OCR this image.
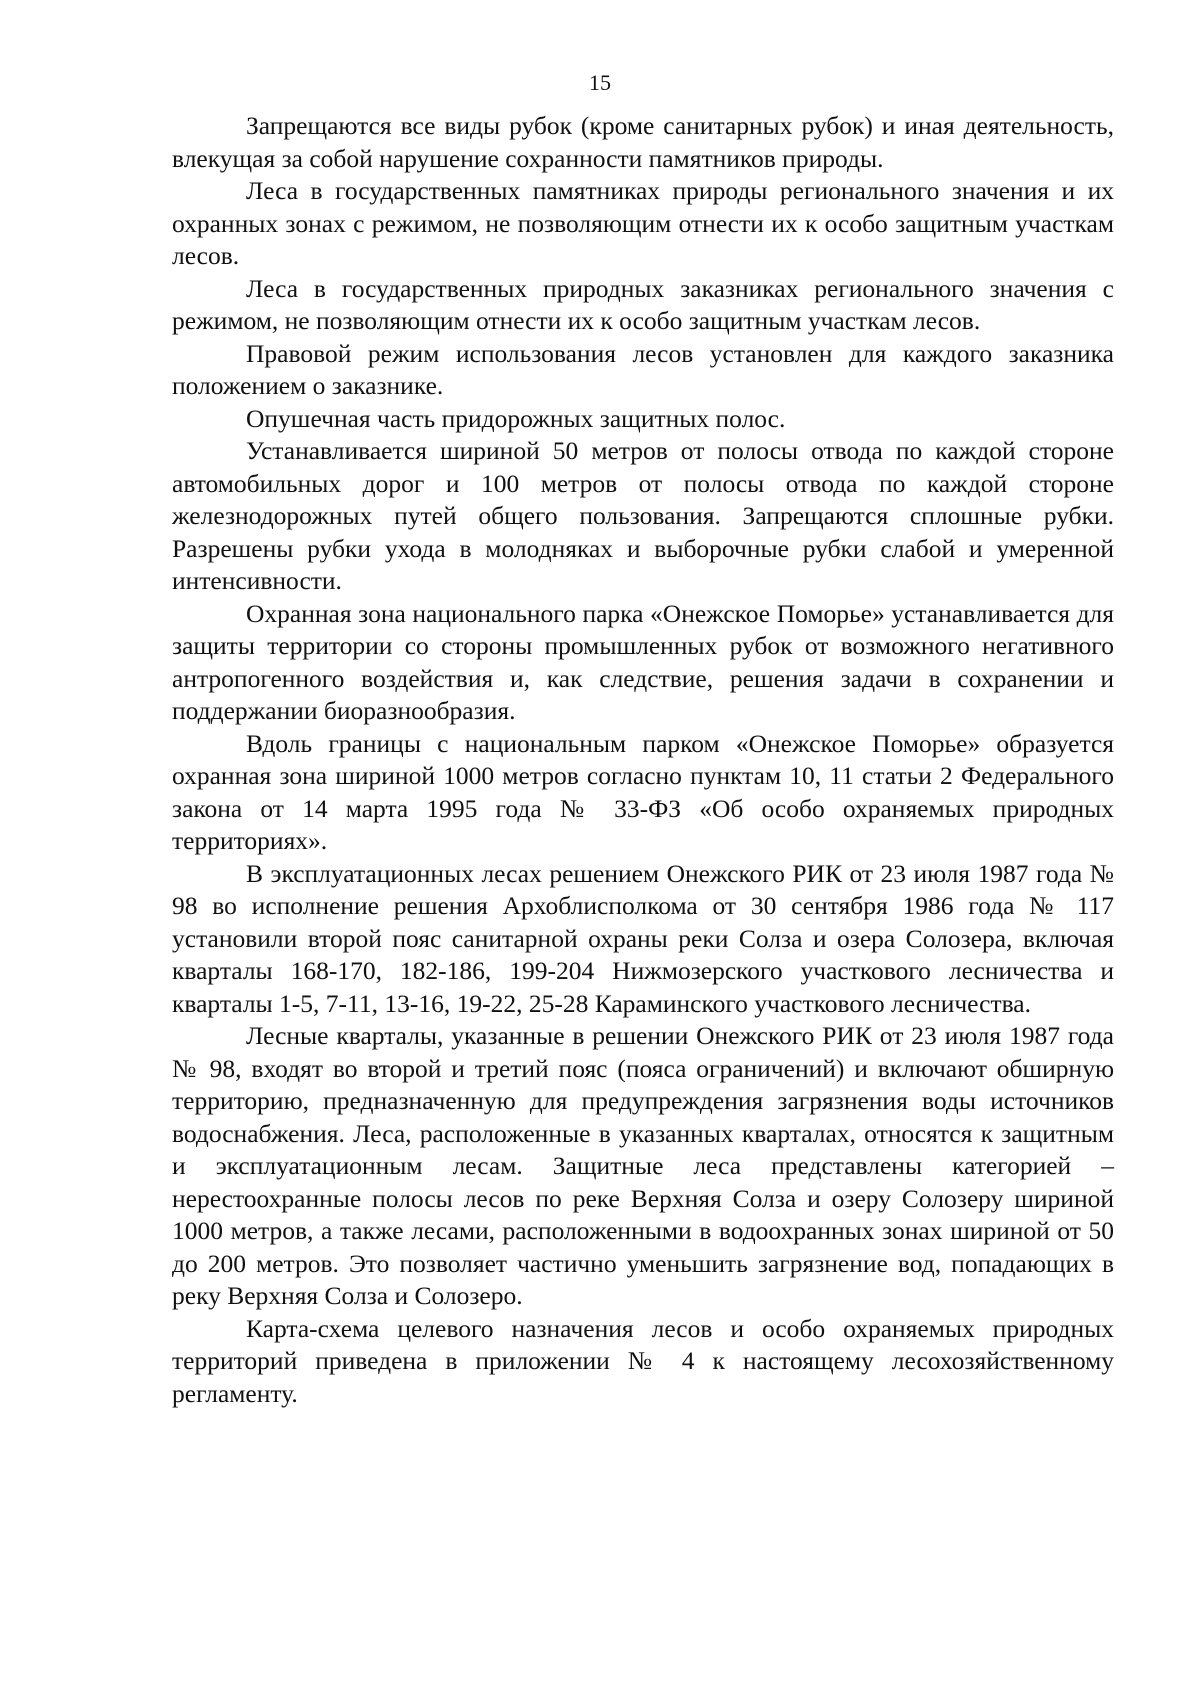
15

Запрещаются все виды рубок (кроме санитарных рубок) и иная деятельность, влекущая за собой нарушение сохранности памятников природы.

Леса в государственных памятниках природы регионального значения и их охранных зонах с режимом, не позволяющим отнести их к особо защитным участкам лесов.

Леса в государственных природных заказниках регионального значения с режимом, не позволяющим отнести их к особо защитным участкам лесов.

Правовой режим использования лесов установлен для каждого заказника положением о заказнике.

Опушечная часть придорожных защитных полос.

Устанавливается шириной 50 метров от полосы отвода по каждой стороне автомобильных дорог и 100 метров от полосы отвода по каждой стороне железнодорожных путей общего пользования. Запрещаются сплошные рубки. Разрешены рубки ухода в молодняках и выборочные рубки слабой и умеренной интенсивности.

Охранная зона национального парка «Онежское Поморье» устанавливается для защиты территории со стороны промышленных рубок от возможного негативного антропогенного воздействия и, как следствие, решения задачи в сохранении и поддержании биоразнообразия.

Вдоль границы с национальным парком «Онежское Поморье» образуется охранная зона шириной 1000 метров согласно пунктам 10, 11 статьи 2 Федерального закона от 14 марта 1995 года № 33-ФЗ «Об особо охраняемых природных территориях».

В эксплуатационных лесах решением Онежского РИК от 23 июля 1987 года № 98 во исполнение решения Архоблисполкома от 30 сентября 1986 года № 117 установили второй пояс санитарной охраны реки Солза и озера Солозера, включая кварталы 168-170, 182-186, 199-204 Нижмозерского участкового лесничества и кварталы 1-5, 7-11, 13-16, 19-22, 25-28 Караминского участкового лесничества.

Лесные кварталы, указанные в решении Онежского РИК от 23 июля 1987 года № 98, входят во второй и третий пояс (пояса ограничений) и включают обширную территорию, предназначенную для предупреждения загрязнения воды источников водоснабжения. Леса, расположенные в указанных кварталах, относятся к защитным и эксплуатационным лесам. Защитные леса представлены категорией – нерестоохранные полосы лесов по реке Верхняя Солза и озеру Солозеру шириной 1000 метров, а также лесами, расположенными в водоохранных зонах шириной от 50 до 200 метров. Это позволяет частично уменьшить загрязнение вод, попадающих в реку Верхняя Солза и Солозеро.

Карта-схема целевого назначения лесов и особо охраняемых природных территорий приведена в приложении № 4 к настоящему лесохозяйственному регламенту.
